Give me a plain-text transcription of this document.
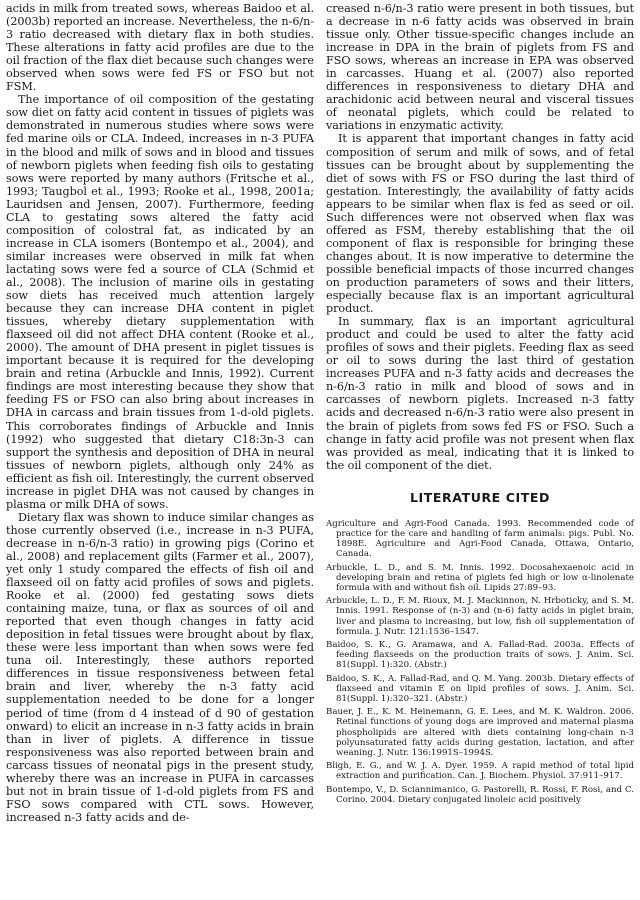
acids in milk from treated sows, whereas Baidoo et al. (2003b) reported an increase. Nevertheless, the n-6/n-3 ratio decreased with dietary flax in both studies. These alterations in fatty acid profiles are due to the oil fraction of the flax diet because such changes were observed when sows were fed FS or FSO but not FSM.

The importance of oil composition of the gestating sow diet on fatty acid content in tissues of piglets was demonstrated in numerous studies where sows were fed marine oils or CLA. Indeed, increases in n-3 PUFA in the blood and milk of sows and in blood and tissues of newborn piglets when feeding fish oils to gestating sows were reported by many authors (Fritsche et al., 1993; Taugbol et al., 1993; Rooke et al., 1998, 2001a; Lauridsen and Jensen, 2007). Furthermore, feeding CLA to gestating sows altered the fatty acid composition of colostral fat, as indicated by an increase in CLA isomers (Bontempo et al., 2004), and similar increases were observed in milk fat when lactating sows were fed a source of CLA (Schmid et al., 2008). The inclusion of marine oils in gestating sow diets has received much attention largely because they can increase DHA content in piglet tissues, whereby dietary supplementation with flaxseed oil did not affect DHA content (Rooke et al., 2000). The amount of DHA present in piglet tissues is important because it is required for the developing brain and retina (Arbuckle and Innis, 1992). Current findings are most interesting because they show that feeding FS or FSO can also bring about increases in DHA in carcass and brain tissues from 1-d-old piglets. This corroborates findings of Arbuckle and Innis (1992) who suggested that dietary C18:3n-3 can support the synthesis and deposition of DHA in neural tissues of newborn piglets, although only 24% as efficient as fish oil. Interestingly, the current observed increase in piglet DHA was not caused by changes in plasma or milk DHA of sows.

Dietary flax was shown to induce similar changes as those currently observed (i.e., increase in n-3 PUFA, decrease in n-6/n-3 ratio) in growing pigs (Corino et al., 2008) and replacement gilts (Farmer et al., 2007), yet only 1 study compared the effects of fish oil and flaxseed oil on fatty acid profiles of sows and piglets. Rooke et al. (2000) fed gestating sows diets containing maize, tuna, or flax as sources of oil and reported that even though changes in fatty acid deposition in fetal tissues were brought about by flax, these were less important than when sows were fed tuna oil. Interestingly, these authors reported differences in tissue responsiveness between fetal brain and liver, whereby the n-3 fatty acid supplementation needed to be done for a longer period of time (from d 4 instead of d 90 of gestation onward) to elicit an increase in n-3 fatty acids in brain than in liver of piglets. A difference in tissue responsiveness was also reported between brain and carcass tissues of neonatal pigs in the present study, whereby there was an increase in PUFA in carcasses but not in brain tissue of 1-d-old piglets from FS and FSO sows compared with CTL sows. However, increased n-3 fatty acids and de-

creased n-6/n-3 ratio were present in both tissues, but a decrease in n-6 fatty acids was observed in brain tissue only. Other tissue-specific changes include an increase in DPA in the brain of piglets from FS and FSO sows, whereas an increase in EPA was observed in carcasses. Huang et al. (2007) also reported differences in responsiveness to dietary DHA and arachidonic acid between neural and visceral tissues of neonatal piglets, which could be related to variations in enzymatic activity.

It is apparent that important changes in fatty acid composition of serum and milk of sows, and of fetal tissues can be brought about by supplementing the diet of sows with FS or FSO during the last third of gestation. Interestingly, the availability of fatty acids appears to be similar when flax is fed as seed or oil. Such differences were not observed when flax was offered as FSM, thereby establishing that the oil component of flax is responsible for bringing these changes about. It is now imperative to determine the possible beneficial impacts of those incurred changes on production parameters of sows and their litters, especially because flax is an important agricultural product.

In summary, flax is an important agricultural product and could be used to alter the fatty acid profiles of sows and their piglets. Feeding flax as seed or oil to sows during the last third of gestation increases PUFA and n-3 fatty acids and decreases the n-6/n-3 ratio in milk and blood of sows and in carcasses of newborn piglets. Increased n-3 fatty acids and decreased n-6/n-3 ratio were also present in the brain of piglets from sows fed FS or FSO. Such a change in fatty acid profile was not present when flax was provided as meal, indicating that it is linked to the oil component of the diet.

LITERATURE CITED

Agriculture and Agri-Food Canada. 1993. Recommended code of practice for the care and handling of farm animals: pigs. Publ. No. 1898E. Agriculture and Agri-Food Canada, Ottawa, Ontario, Canada.

Arbuckle, L. D., and S. M. Innis. 1992. Docosahexaenoic acid in developing brain and retina of piglets fed high or low α-linolenate formula with and without fish oil. Lipids 27:89–93.

Arbuckle, L. D., F. M. Rioux, M. J. Mackinnon, N. Hrboticky, and S. M. Innis. 1991. Response of (n-3) and (n-6) fatty acids in piglet brain, liver and plasma to increasing, but low, fish oil supplementation of formula. J. Nutr. 121:1536–1547.

Baidoo, S. K., G. Aramawa, and A. Fallad-Rad. 2003a. Effects of feeding flaxseeds on the production traits of sows. J. Anim. Sci. 81(Suppl. 1):320. (Abstr.)

Baidoo, S. K., A. Fallad-Rad, and Q. M. Yang. 2003b. Dietary effects of flaxseed and vitamin E on lipid profiles of sows. J. Anim. Sci. 81(Suppl. 1):320–321. (Abstr.)

Bauer, J. E., K. M. Heinemann, G. E. Lees, and M. K. Waldron. 2006. Retinal functions of young dogs are improved and maternal plasma phospholipids are altered with diets containing long-chain n-3 polyunsaturated fatty acids during gestation, lactation, and after weaning. J. Nutr. 136:1991S–1994S.

Bligh, E. G., and W. J. A. Dyer. 1959. A rapid method of total lipid extraction and purification. Can. J. Biochem. Physiol. 37:911–917.

Bontempo, V., D. Sciannimanico, G. Pastorelli, R. Rossi, F. Rosi, and C. Corino. 2004. Dietary conjugated linoleic acid positively
